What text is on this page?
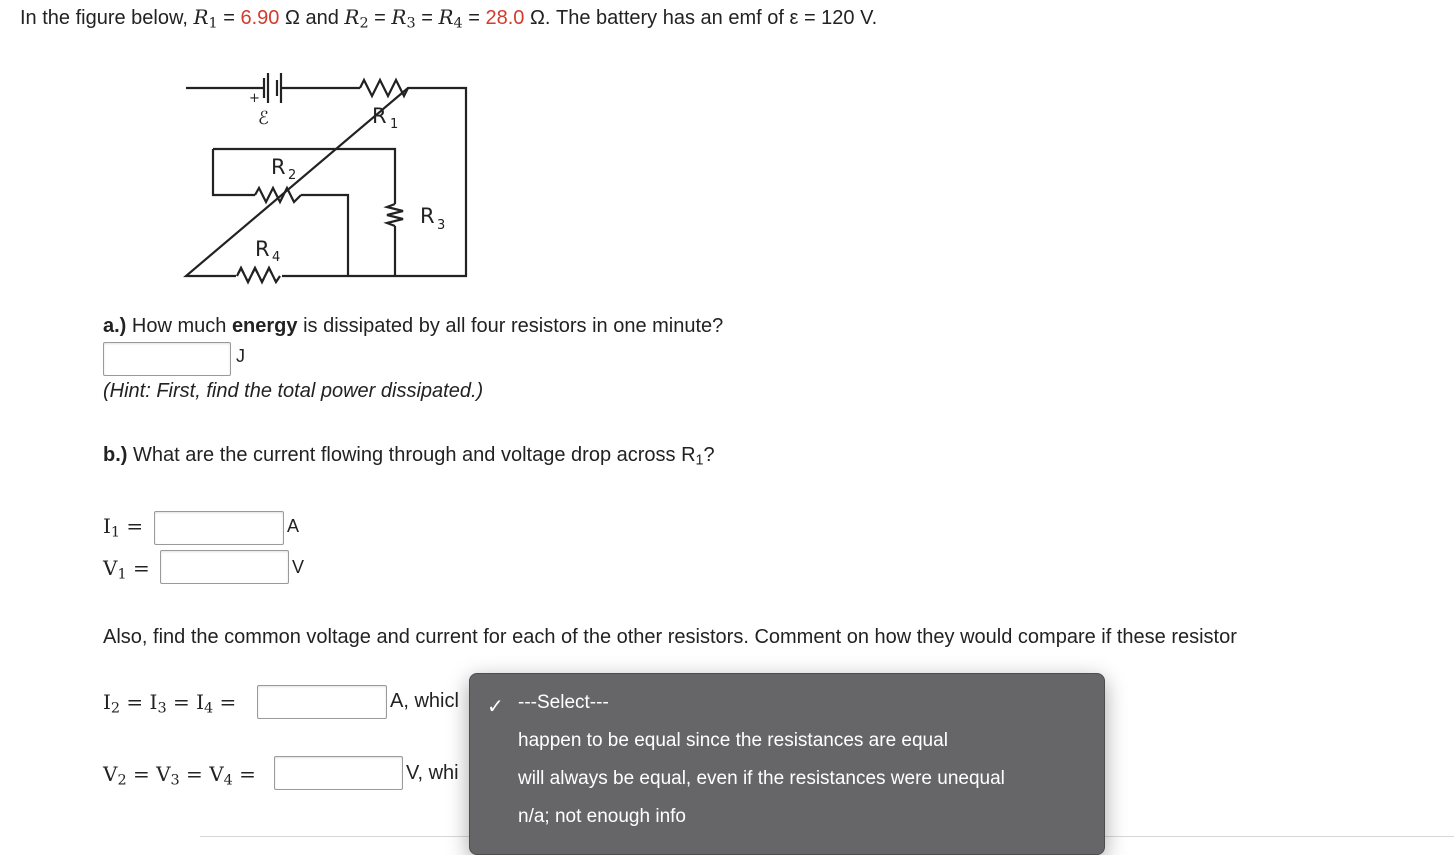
In the figure below, $R_1 = 6.90$ Ω and $R_2 = R_3 = R_4 = 28.0$ Ω. The battery has an emf of ε = 120 V.
+
ℰ	R 1
R 2
R 3
R 4
a.) How much energy is dissipated by all four resistors in one minute?
J
(Hint: First, find the total power dissipated.)
b.) What are the current flowing through and voltage drop across $R_1$?
$I_1$ =	A
$V_1$ =	V
Also, find the common voltage and current for each of the other resistors. Comment on how they would compare if these resistor
$I_2 = I_3 = I_4$ =	A, whicl
$V_2 = V_3 = V_4$ =	V, whi
✓ ---Select---
happen to be equal since the resistances are equal
will always be equal, even if the resistances were unequal
n/a; not enough info
